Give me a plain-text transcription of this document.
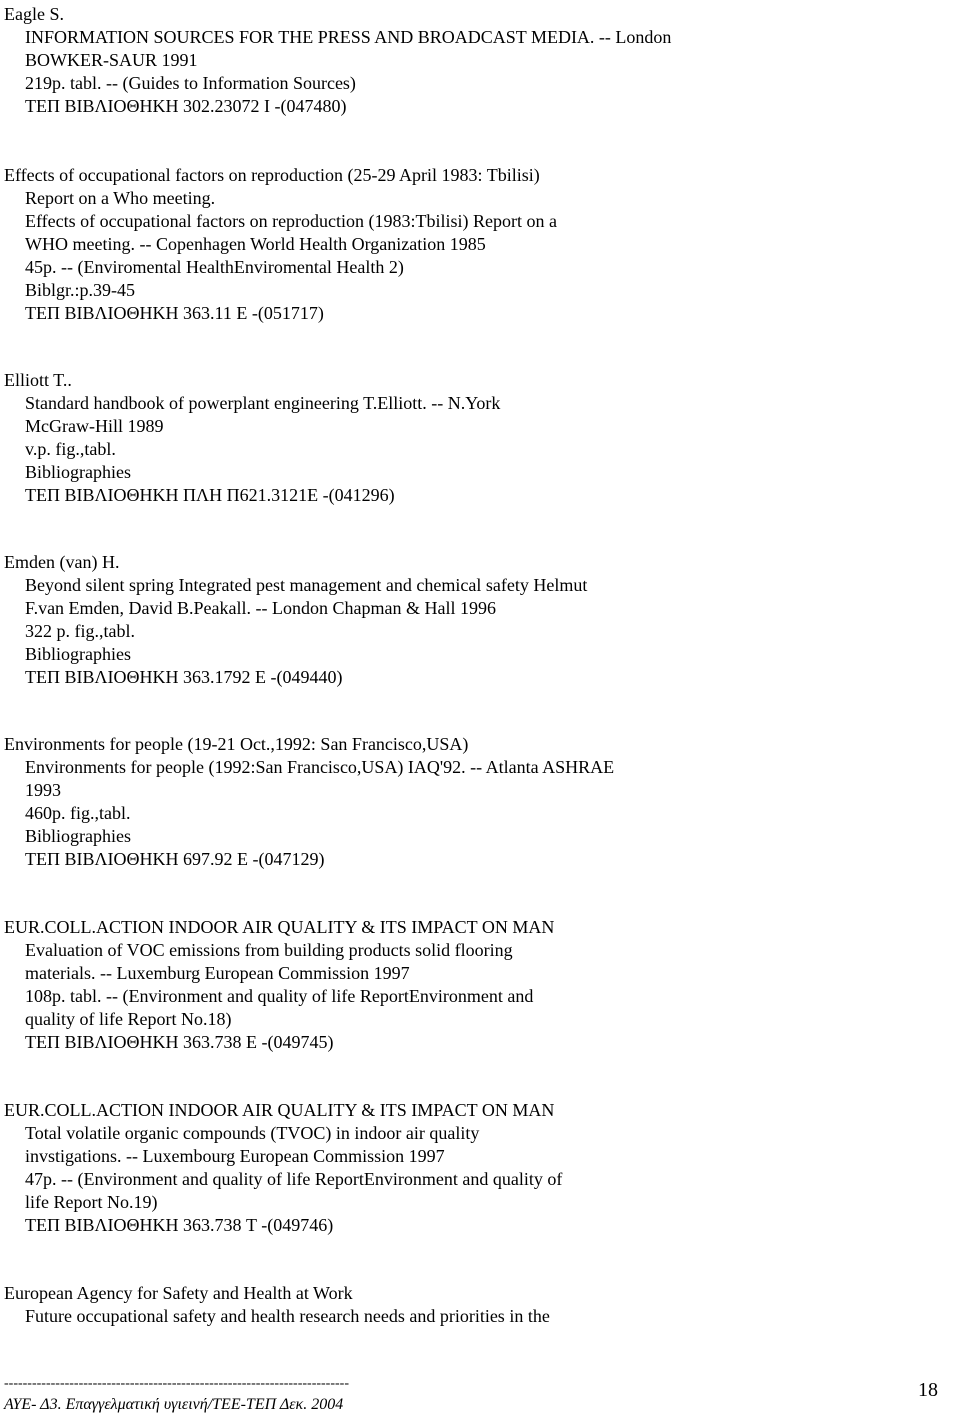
Eagle S.
INFORMATION SOURCES FOR THE PRESS AND BROADCAST MEDIA. -- London
BOWKER-SAUR 1991
219p. tabl. -- (Guides to Information Sources)
ΤΕΠ ΒΙΒΛΙΟΘΗΚΗ 302.23072 I -(047480)
Effects of occupational factors on reproduction (25-29 April 1983: Tbilisi)
Report on a Who meeting.
Effects of occupational factors on reproduction (1983:Tbilisi) Report on a
WHO meeting. -- Copenhagen World Health Organization 1985
45p. -- (Enviromental HealthEnviromental Health 2)
Biblgr.:p.39-45
ΤΕΠ ΒΙΒΛΙΟΘΗΚΗ 363.11 E -(051717)
Elliott T..
Standard handbook of powerplant engineering T.Elliott. -- N.York
McGraw-Hill 1989
v.p. fig.,tabl.
Bibliographies
ΤΕΠ ΒΙΒΛΙΟΘΗΚΗ ΠΛΗ Π621.3121E -(041296)
Emden (van) H.
Beyond silent spring Integrated pest management and chemical safety Helmut
F.van Emden, David B.Peakall. -- London Chapman & Hall 1996
322 p. fig.,tabl.
Bibliographies
ΤΕΠ ΒΙΒΛΙΟΘΗΚΗ 363.1792 E -(049440)
Environments for people (19-21 Oct.,1992: San Francisco,USA)
Environments for people (1992:San Francisco,USA) IAQ'92. -- Atlanta ASHRAE
1993
460p. fig.,tabl.
Bibliographies
ΤΕΠ ΒΙΒΛΙΟΘΗΚΗ 697.92 E -(047129)
EUR.COLL.ACTION INDOOR AIR QUALITY & ITS IMPACT ON MAN
Evaluation of VOC emissions from building products solid flooring
materials. -- Luxemburg European Commission 1997
108p. tabl. -- (Environment and quality of life ReportEnvironment and
quality of life Report No.18)
ΤΕΠ ΒΙΒΛΙΟΘΗΚΗ 363.738 E -(049745)
EUR.COLL.ACTION INDOOR AIR QUALITY & ITS IMPACT ON MAN
Total volatile organic compounds (TVOC) in indoor air quality
invstigations. -- Luxembourg European Commission 1997
47p. -- (Environment and quality of life ReportEnvironment and quality of
life Report No.19)
ΤΕΠ ΒΙΒΛΙΟΘΗΚΗ 363.738 T -(049746)
European Agency for Safety and Health at Work
Future occupational safety and health research needs and priorities in the
--------------------------------------------------------------------------
ΑΥΕ- Δ3. Επαγγελματική υγιεινή/ΤΕΕ-ΤΕΠ Δεκ. 2004
18
